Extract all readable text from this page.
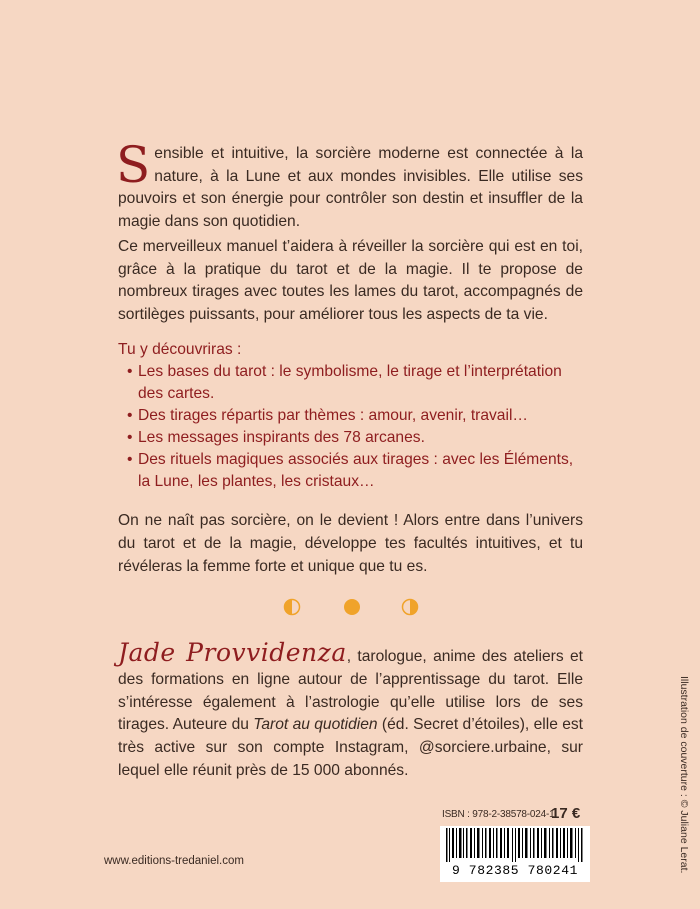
Sensible et intuitive, la sorcière moderne est connectée à la nature, à la Lune et aux mondes invisibles. Elle utilise ses pouvoirs et son énergie pour contrôler son destin et insuffler de la magie dans son quotidien.
Ce merveilleux manuel t’aidera à réveiller la sorcière qui est en toi, grâce à la pratique du tarot et de la magie. Il te propose de nombreux tirages avec toutes les lames du tarot, accompagnés de sortilèges puissants, pour améliorer tous les aspects de ta vie.
Tu y découvriras :
• Les bases du tarot : le symbolisme, le tirage et l’interprétation des cartes.
• Des tirages répartis par thèmes : amour, avenir, travail…
• Les messages inspirants des 78 arcanes.
• Des rituels magiques associés aux tirages : avec les Éléments, la Lune, les plantes, les cristaux…
On ne naît pas sorcière, on le devient ! Alors entre dans l’univers du tarot et de la magie, développe tes facultés intuitives, et tu révéleras la femme forte et unique que tu es.
Jade Provvidenza, tarologue, anime des ateliers et des formations en ligne autour de l’apprentissage du tarot. Elle s’intéresse également à l’astrologie qu’elle utilise lors de ses tirages. Auteure du Tarot au quotidien (éd. Secret d’étoiles), elle est très active sur son compte Instagram, @sorciere.urbaine, sur lequel elle réunit près de 15 000 abonnés.	Illustration de couverture : © Juliane Lerat.
ISBN : 978-2-38578-024-1
17 €
9 782385 780241
www.editions-tredaniel.com
